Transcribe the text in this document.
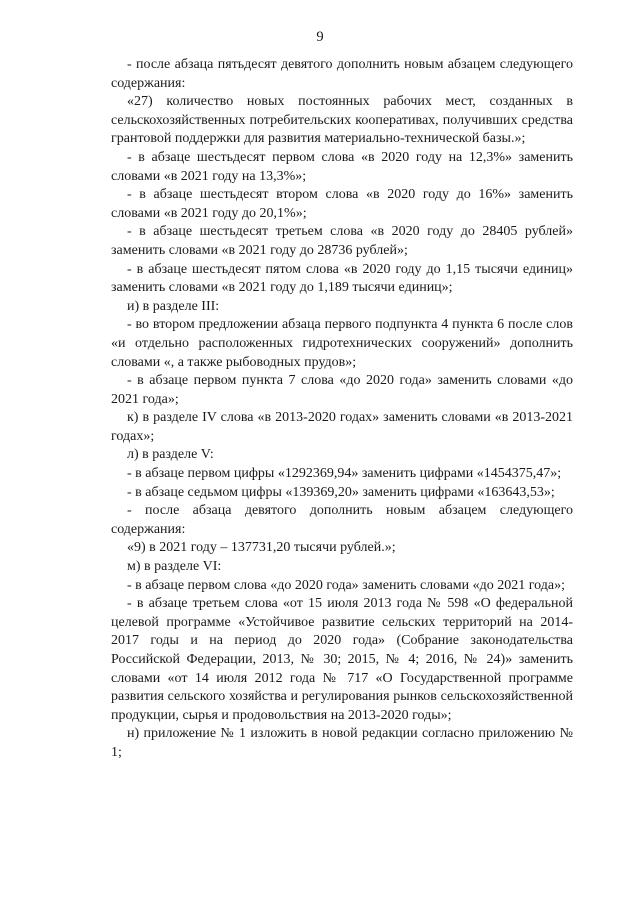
9

- после абзаца пятьдесят девятого дополнить новым абзацем следующего содержания:

«27) количество новых постоянных рабочих мест, созданных в сельскохозяйственных потребительских кооперативах, получивших средства грантовой поддержки для развития материально-технической базы.»;

- в абзаце шестьдесят первом слова «в 2020 году на 12,3%» заменить словами «в 2021 году на 13,3%»;

- в абзаце шестьдесят втором слова «в 2020 году до 16%» заменить словами «в 2021 году до 20,1%»;

- в абзаце шестьдесят третьем слова «в 2020 году до 28405 рублей» заменить словами «в 2021 году до 28736 рублей»;

- в абзаце шестьдесят пятом слова «в 2020 году до 1,15 тысячи единиц» заменить словами «в 2021 году до 1,189 тысячи единиц»;

и) в разделе III:

- во втором предложении абзаца первого подпункта 4 пункта 6 после слов «и отдельно расположенных гидротехнических сооружений» дополнить словами «, а также рыбоводных прудов»;

- в абзаце первом пункта 7 слова «до 2020 года» заменить словами «до 2021 года»;

к) в разделе IV слова «в 2013-2020 годах» заменить словами «в 2013-2021 годах»;

л) в разделе V:

- в абзаце первом цифры «1292369,94» заменить цифрами «1454375,47»;

- в абзаце седьмом цифры «139369,20» заменить цифрами «163643,53»;

- после абзаца девятого дополнить новым абзацем следующего содержания:

«9) в 2021 году – 137731,20 тысячи рублей.»;

м) в разделе VI:

- в абзаце первом слова «до 2020 года» заменить словами «до 2021 года»;

- в абзаце третьем слова «от 15 июля 2013 года № 598 «О федеральной целевой программе «Устойчивое развитие сельских территорий на 2014-2017 годы и на период до 2020 года» (Собрание законодательства Российской Федерации, 2013, № 30; 2015, № 4; 2016, № 24)» заменить словами «от 14 июля 2012 года № 717 «О Государственной программе развития сельского хозяйства и регулирования рынков сельскохозяйственной продукции, сырья и продовольствия на 2013-2020 годы»;

н) приложение № 1 изложить в новой редакции согласно приложению № 1;
